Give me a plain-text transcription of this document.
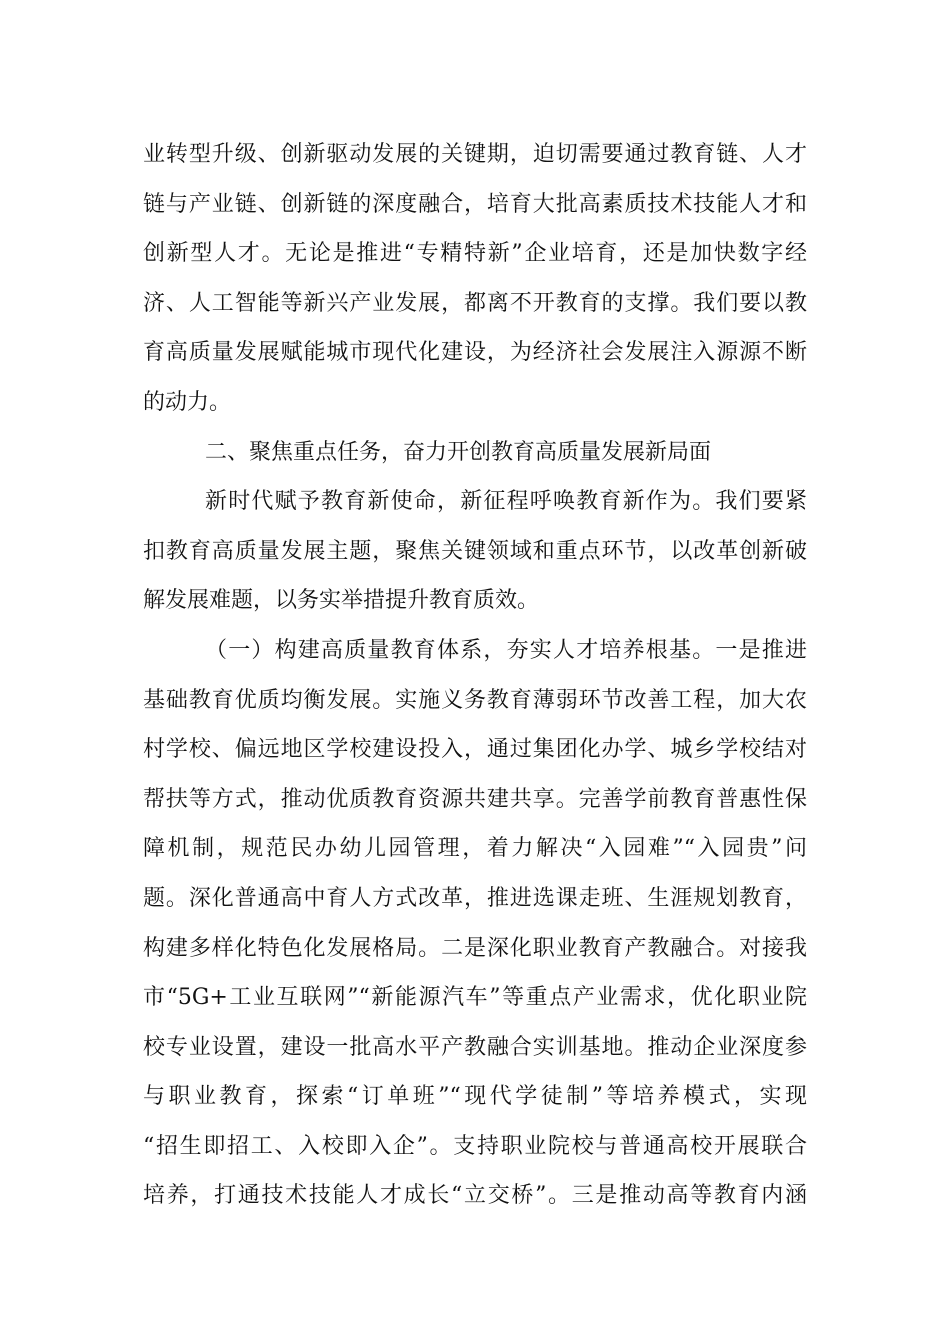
业转型升级、创新驱动发展的关键期，迫切需要通过教育链、人才
链与产业链、创新链的深度融合，培育大批高素质技术技能人才和
创新型人才。无论是推进“专精特新”企业培育，还是加快数字经
济、人工智能等新兴产业发展，都离不开教育的支撑。我们要以教
育高质量发展赋能城市现代化建设，为经济社会发展注入源源不断
的动力。
二、聚焦重点任务，奋力开创教育高质量发展新局面
新时代赋予教育新使命，新征程呼唤教育新作为。我们要紧
扣教育高质量发展主题，聚焦关键领域和重点环节，以改革创新破
解发展难题，以务实举措提升教育质效。
（一）构建高质量教育体系，夯实人才培养根基。一是推进
基础教育优质均衡发展。实施义务教育薄弱环节改善工程，加大农
村学校、偏远地区学校建设投入，通过集团化办学、城乡学校结对
帮扶等方式，推动优质教育资源共建共享。完善学前教育普惠性保
障机制，规范民办幼儿园管理，着力解决“入园难”“入园贵”问
题。深化普通高中育人方式改革，推进选课走班、生涯规划教育，
构建多样化特色化发展格局。二是深化职业教育产教融合。对接我
市“5G+工业互联网”“新能源汽车”等重点产业需求，优化职业院
校专业设置，建设一批高水平产教融合实训基地。推动企业深度参
与职业教育，探索“订单班”“现代学徒制”等培养模式，实现
“招生即招工、入校即入企”。支持职业院校与普通高校开展联合
培养，打通技术技能人才成长“立交桥”。三是推动高等教育内涵
